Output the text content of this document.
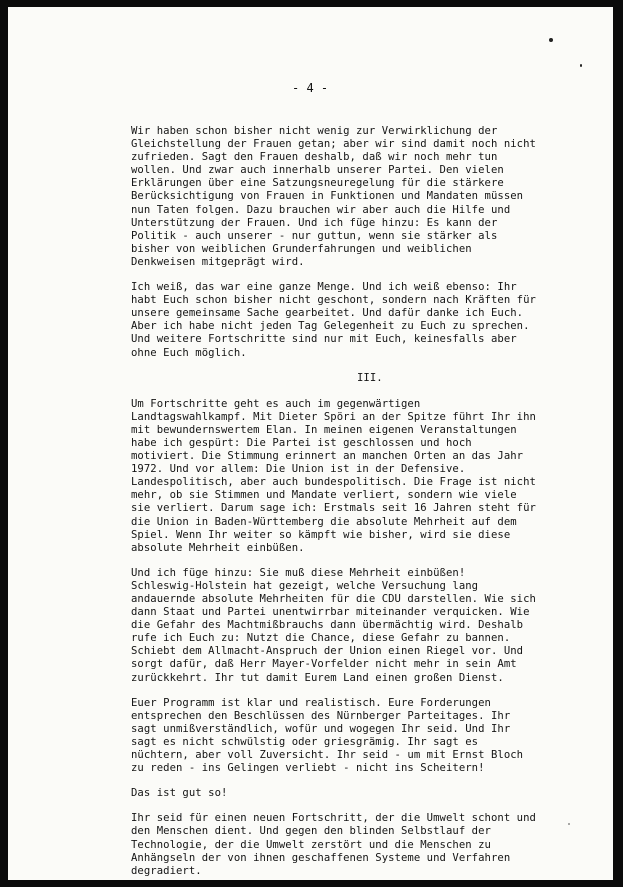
- 4 -
Wir haben schon bisher nicht wenig zur Verwirklichung der
Gleichstellung der Frauen getan; aber wir sind damit noch nicht
zufrieden. Sagt den Frauen deshalb, daß wir noch mehr tun
wollen. Und zwar auch innerhalb unserer Partei. Den vielen
Erklärungen über eine Satzungsneuregelung für die stärkere
Berücksichtigung von Frauen in Funktionen und Mandaten müssen
nun Taten folgen. Dazu brauchen wir aber auch die Hilfe und
Unterstützung der Frauen. Und ich füge hinzu: Es kann der
Politik - auch unserer - nur guttun, wenn sie stärker als
bisher von weiblichen Grunderfahrungen und weiblichen
Denkweisen mitgeprägt wird.
Ich weiß, das war eine ganze Menge. Und ich weiß ebenso: Ihr
habt Euch schon bisher nicht geschont, sondern nach Kräften für
unsere gemeinsame Sache gearbeitet. Und dafür danke ich Euch.
Aber ich habe nicht jeden Tag Gelegenheit zu Euch zu sprechen.
Und weitere Fortschritte sind nur mit Euch, keinesfalls aber
ohne Euch möglich.
III.
Um Fortschritte geht es auch im gegenwärtigen
Landtagswahlkampf. Mit Dieter Spöri an der Spitze führt Ihr ihn
mit bewundernswertem Elan. In meinen eigenen Veranstaltungen
habe ich gespürt: Die Partei ist geschlossen und hoch
motiviert. Die Stimmung erinnert an manchen Orten an das Jahr
1972. Und vor allem: Die Union ist in der Defensive.
Landespolitisch, aber auch bundespolitisch. Die Frage ist nicht
mehr, ob sie Stimmen und Mandate verliert, sondern wie viele
sie verliert. Darum sage ich: Erstmals seit 16 Jahren steht für
die Union in Baden-Württemberg die absolute Mehrheit auf dem
Spiel. Wenn Ihr weiter so kämpft wie bisher, wird sie diese
absolute Mehrheit einbüßen.
Und ich füge hinzu: Sie muß diese Mehrheit einbüßen!
Schleswig-Holstein hat gezeigt, welche Versuchung lang
andauernde absolute Mehrheiten für die CDU darstellen. Wie sich
dann Staat und Partei unentwirrbar miteinander verquicken. Wie
die Gefahr des Machtmißbrauchs dann übermächtig wird. Deshalb
rufe ich Euch zu: Nutzt die Chance, diese Gefahr zu bannen.
Schiebt dem Allmacht-Anspruch der Union einen Riegel vor. Und
sorgt dafür, daß Herr Mayer-Vorfelder nicht mehr in sein Amt
zurückkehrt. Ihr tut damit Eurem Land einen großen Dienst.
Euer Programm ist klar und realistisch. Eure Forderungen
entsprechen den Beschlüssen des Nürnberger Parteitages. Ihr
sagt unmißverständlich, wofür und wogegen Ihr seid. Und Ihr
sagt es nicht schwülstig oder griesgrämig. Ihr sagt es
nüchtern, aber voll Zuversicht. Ihr seid - um mit Ernst Bloch
zu reden - ins Gelingen verliebt - nicht ins Scheitern!
Das ist gut so!
Ihr seid für einen neuen Fortschritt, der die Umwelt schont und
den Menschen dient. Und gegen den blinden Selbstlauf der
Technologie, der die Umwelt zerstört und die Menschen zu
Anhängseln der von ihnen geschaffenen Systeme und Verfahren
degradiert.
